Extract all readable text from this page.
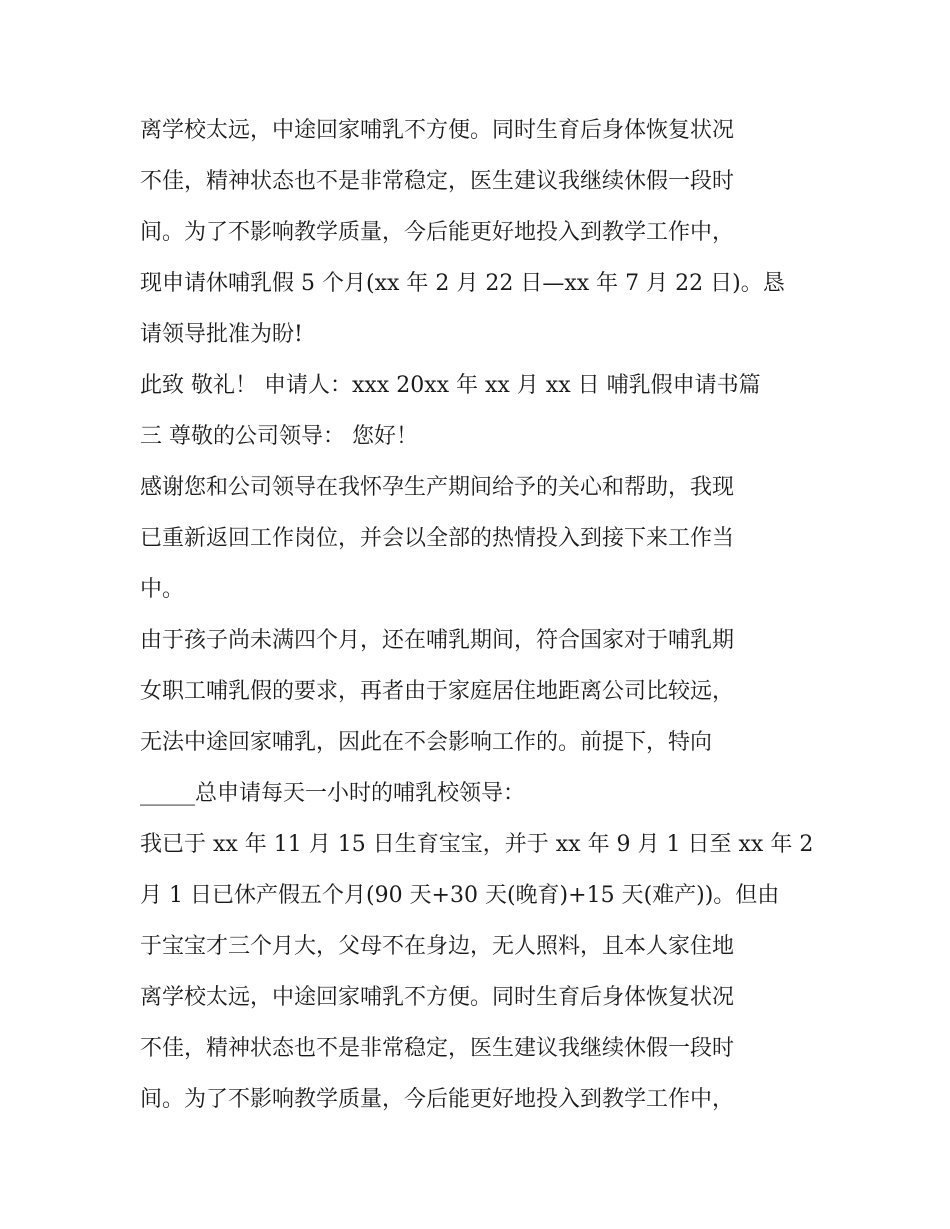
离学校太远，中途回家哺乳不方便。同时生育后身体恢复状况
不佳，精神状态也不是非常稳定，医生建议我继续休假一段时
间。为了不影响教学质量，今后能更好地投入到教学工作中，
现申请休哺乳假 5 个月(xx 年 2 月 22 日—xx 年 7 月 22 日)。恳
请领导批准为盼!
此致 敬礼！ 申请人：xxx 20xx 年 xx 月 xx 日 哺乳假申请书篇
三 尊敬的公司领导： 您好！
感谢您和公司领导在我怀孕生产期间给予的关心和帮助，我现
已重新返回工作岗位，并会以全部的热情投入到接下来工作当
中。
由于孩子尚未满四个月，还在哺乳期间，符合国家对于哺乳期
女职工哺乳假的要求，再者由于家庭居住地距离公司比较远，
无法中途回家哺乳，因此在不会影响工作的。前提下，特向
_____总申请每天一小时的哺乳校领导：
我已于 xx 年 11 月 15 日生育宝宝，并于 xx 年 9 月 1 日至 xx 年 2
月 1 日已休产假五个月(90 天+30 天(晚育)+15 天(难产))。但由
于宝宝才三个月大，父母不在身边，无人照料，且本人家住地
离学校太远，中途回家哺乳不方便。同时生育后身体恢复状况
不佳，精神状态也不是非常稳定，医生建议我继续休假一段时
间。为了不影响教学质量，今后能更好地投入到教学工作中，
